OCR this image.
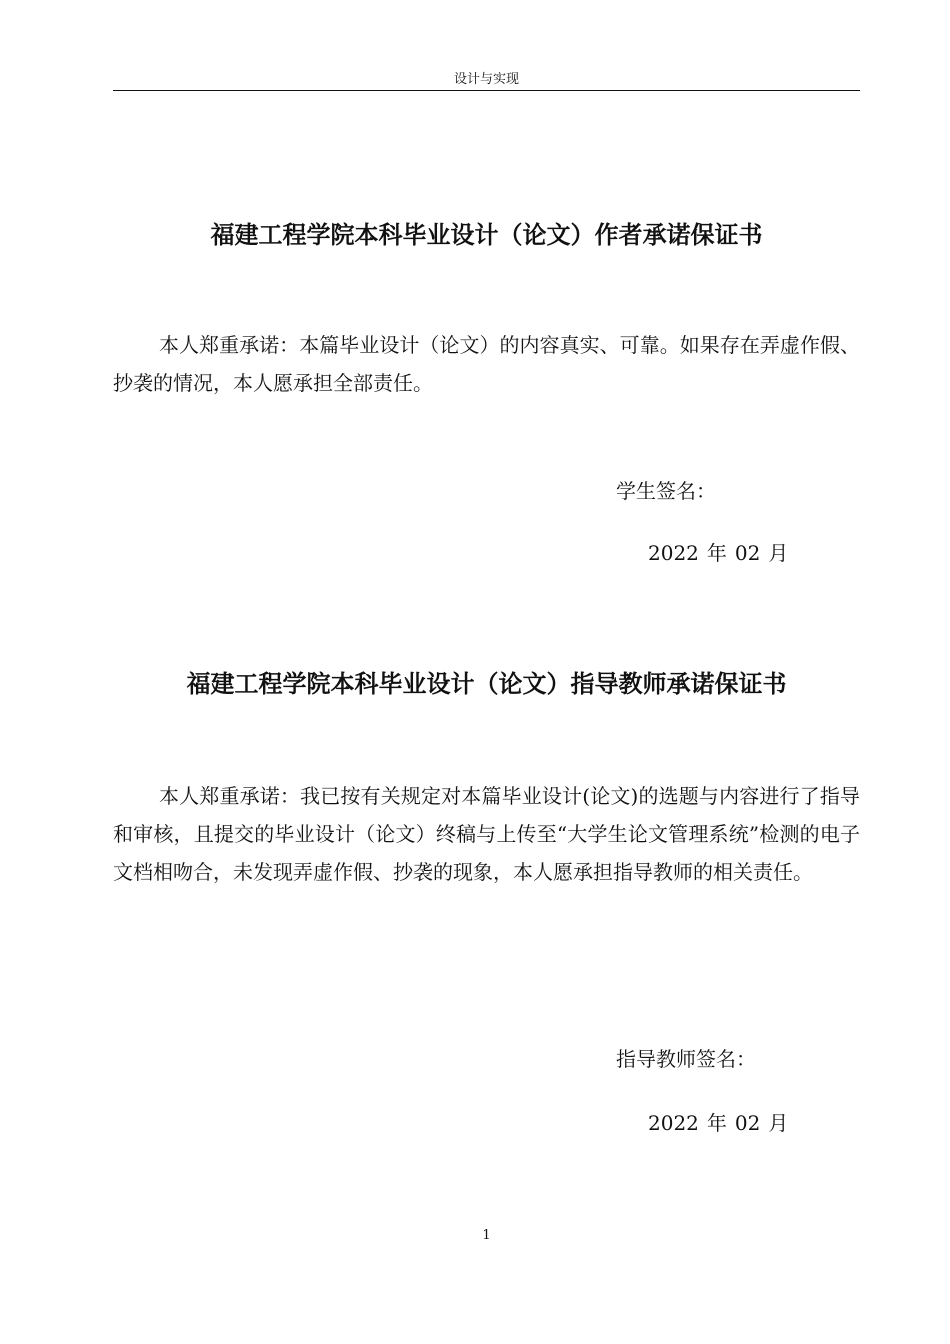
设计与实现
福建工程学院本科毕业设计（论文）作者承诺保证书

本人郑重承诺：本篇毕业设计（论文）的内容真实、可靠。如果存在弄虚作假、抄袭的情况，本人愿承担全部责任。

学生签名：
2022 年 02 月
福建工程学院本科毕业设计（论文）指导教师承诺保证书

本人郑重承诺：我已按有关规定对本篇毕业设计(论文)的选题与内容进行了指导和审核，且提交的毕业设计（论文）终稿与上传至“大学生论文管理系统”检测的电子文档相吻合，未发现弄虚作假、抄袭的现象，本人愿承担指导教师的相关责任。

指导教师签名：
2022 年 02 月
1
